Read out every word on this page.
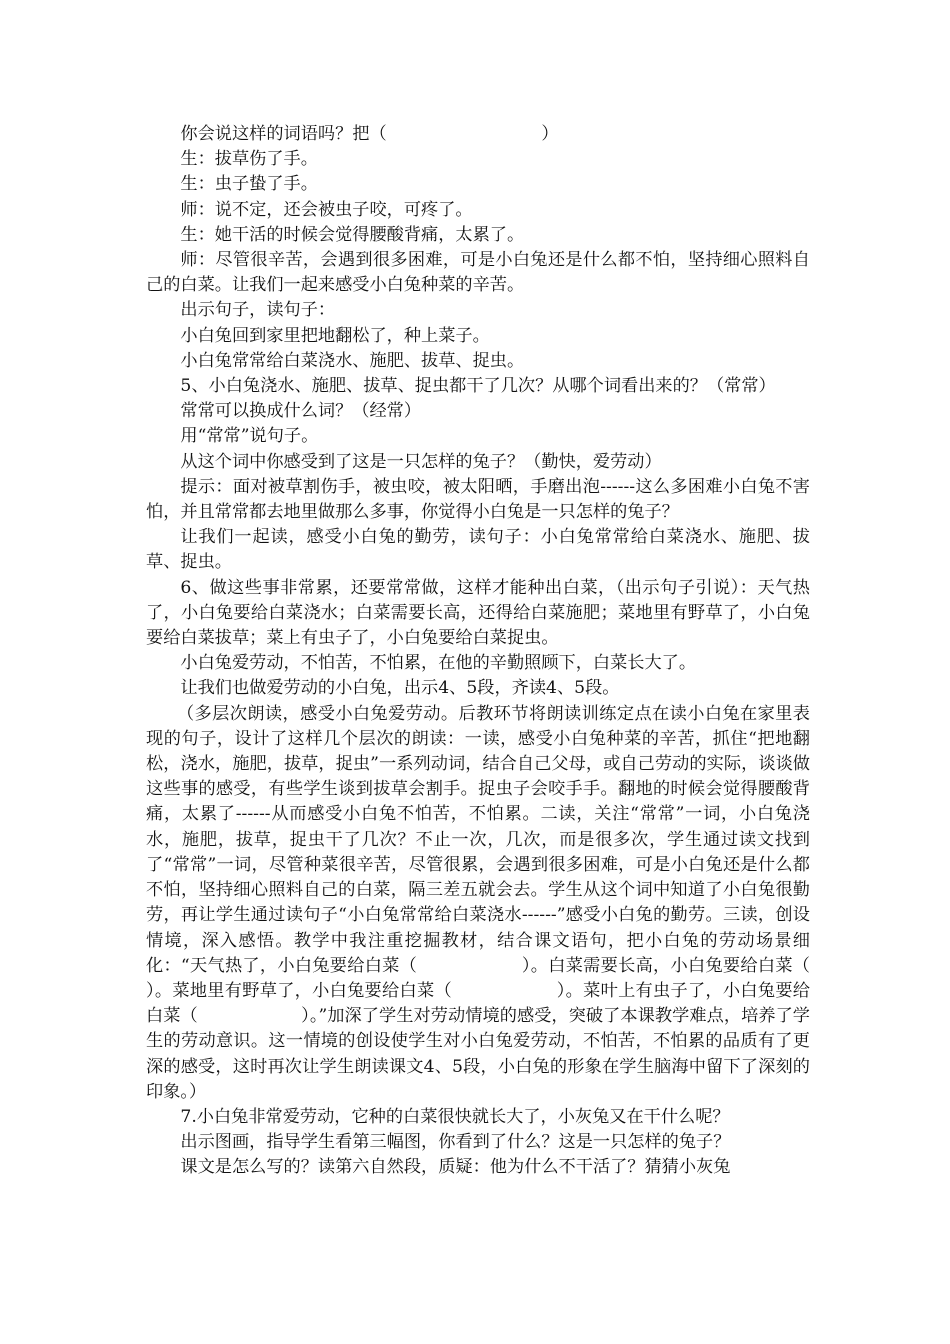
你会说这样的词语吗？把（　　　　　　　　　）

生：拔草伤了手。

生：虫子蛰了手。

师：说不定，还会被虫子咬，可疼了。

生：她干活的时候会觉得腰酸背痛，太累了。

师：尽管很辛苦，会遇到很多困难，可是小白兔还是什么都不怕，坚持细心照料自己的白菜。让我们一起来感受小白兔种菜的辛苦。

出示句子，读句子：

小白兔回到家里把地翻松了，种上菜子。

小白兔常常给白菜浇水、施肥、拔草、捉虫。

5、小白兔浇水、施肥、拔草、捉虫都干了几次？从哪个词看出来的？（常常）

常常可以换成什么词？（经常）

用“常常”说句子。

从这个词中你感受到了这是一只怎样的兔子？（勤快，爱劳动）

提示：面对被草割伤手，被虫咬，被太阳晒，手磨出泡------这么多困难小白兔不害怕，并且常常都去地里做那么多事，你觉得小白兔是一只怎样的兔子？

让我们一起读，感受小白兔的勤劳，读句子：小白兔常常给白菜浇水、施肥、拔草、捉虫。

6、做这些事非常累，还要常常做，这样才能种出白菜，（出示句子引说）：天气热了，小白兔要给白菜浇水；白菜需要长高，还得给白菜施肥；菜地里有野草了，小白兔要给白菜拔草；菜上有虫子了，小白兔要给白菜捉虫。

小白兔爱劳动，不怕苦，不怕累，在他的辛勤照顾下，白菜长大了。

让我们也做爱劳动的小白兔，出示4、5段，齐读4、5段。

（多层次朗读，感受小白兔爱劳动。后教环节将朗读训练定点在读小白兔在家里表现的句子，设计了这样几个层次的朗读：一读，感受小白兔种菜的辛苦，抓住“把地翻松，浇水，施肥，拔草，捉虫”一系列动词，结合自己父母，或自己劳动的实际，谈谈做这些事的感受，有些学生谈到拔草会割手。捉虫子会咬手手。翻地的时候会觉得腰酸背痛，太累了------从而感受小白兔不怕苦，不怕累。二读，关注“常常”一词，小白兔浇水，施肥，拔草，捉虫干了几次？不止一次，几次，而是很多次，学生通过读文找到了“常常”一词，尽管种菜很辛苦，尽管很累，会遇到很多困难，可是小白兔还是什么都不怕，坚持细心照料自己的白菜，隔三差五就会去。学生从这个词中知道了小白兔很勤劳，再让学生通过读句子“小白兔常常给白菜浇水------”感受小白兔的勤劳。三读，创设情境，深入感悟。教学中我注重挖掘教材，结合课文语句，把小白兔的劳动场景细化：“天气热了，小白兔要给白菜（　　　　　　）。白菜需要长高，小白兔要给白菜（　　　　　　）。菜地里有野草了，小白兔要给白菜（　　　　　　）。菜叶上有虫子了，小白兔要给白菜（　　　　　　）。”加深了学生对劳动情境的感受，突破了本课教学难点，培养了学生的劳动意识。这一情境的创设使学生对小白兔爱劳动，不怕苦，不怕累的品质有了更深的感受，这时再次让学生朗读课文4、5段，小白兔的形象在学生脑海中留下了深刻的印象。）

7.小白兔非常爱劳动，它种的白菜很快就长大了，小灰兔又在干什么呢？

出示图画，指导学生看第三幅图，你看到了什么？这是一只怎样的兔子？

课文是怎么写的？读第六自然段，质疑：他为什么不干活了？猜猜小灰兔
